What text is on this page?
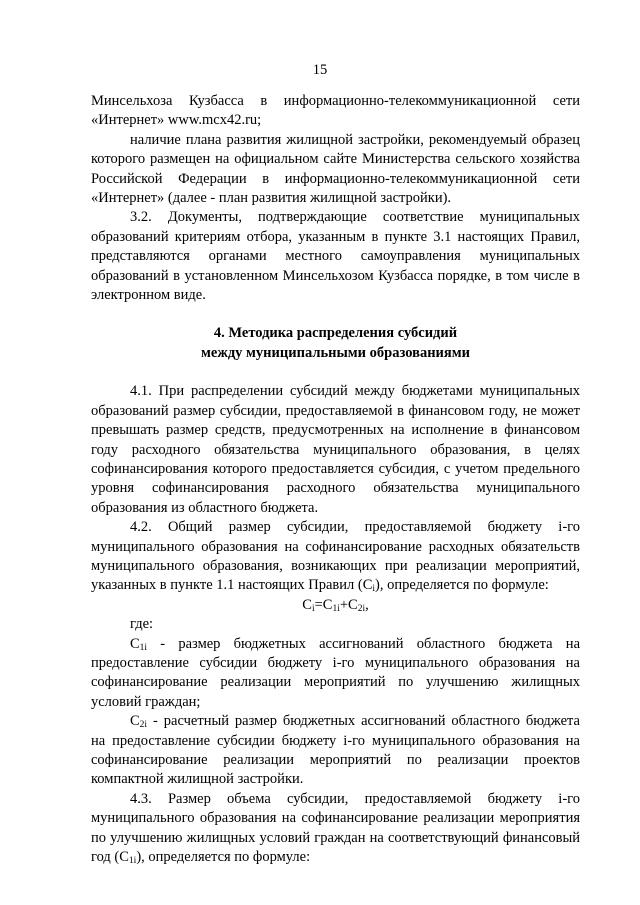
15

Минсельхоза Кузбасса в информационно-телекоммуникационной сети «Интернет» www.mcx42.ru;

наличие плана развития жилищной застройки, рекомендуемый образец которого размещен на официальном сайте Министерства сельского хозяйства Российской Федерации в информационно-телекоммуникационной сети «Интернет» (далее - план развития жилищной застройки).

3.2. Документы, подтверждающие соответствие муниципальных образований критериям отбора, указанным в пункте 3.1 настоящих Правил, представляются органами местного самоуправления муниципальных образований в установленном Минсельхозом Кузбасса порядке, в том числе в электронном виде.

4. Методика распределения субсидий
между муниципальными образованиями

4.1. При распределении субсидий между бюджетами муниципальных образований размер субсидии, предоставляемой в финансовом году, не может превышать размер средств, предусмотренных на исполнение в финансовом году расходного обязательства муниципального образования, в целях софинансирования которого предоставляется субсидия, с учетом предельного уровня софинансирования расходного обязательства муниципального образования из областного бюджета.

4.2. Общий размер субсидии, предоставляемой бюджету i-го муниципального образования на софинансирование расходных обязательств муниципального образования, возникающих при реализации мероприятий, указанных в пункте 1.1 настоящих Правил $(C_i)$, определяется по формуле:

$C_i=C_{1i}+C_{2i}$,

где:

$C_{1i}$ - размер бюджетных ассигнований областного бюджета на предоставление субсидии бюджету i-го муниципального образования на софинансирование реализации мероприятий по улучшению жилищных условий граждан;

$C_{2i}$ - расчетный размер бюджетных ассигнований областного бюджета на предоставление субсидии бюджету i-го муниципального образования на софинансирование реализации мероприятий по реализации проектов компактной жилищной застройки.

4.3. Размер объема субсидии, предоставляемой бюджету i-го муниципального образования на софинансирование реализации мероприятия по улучшению жилищных условий граждан на соответствующий финансовый год $(C_{1i})$, определяется по формуле:
